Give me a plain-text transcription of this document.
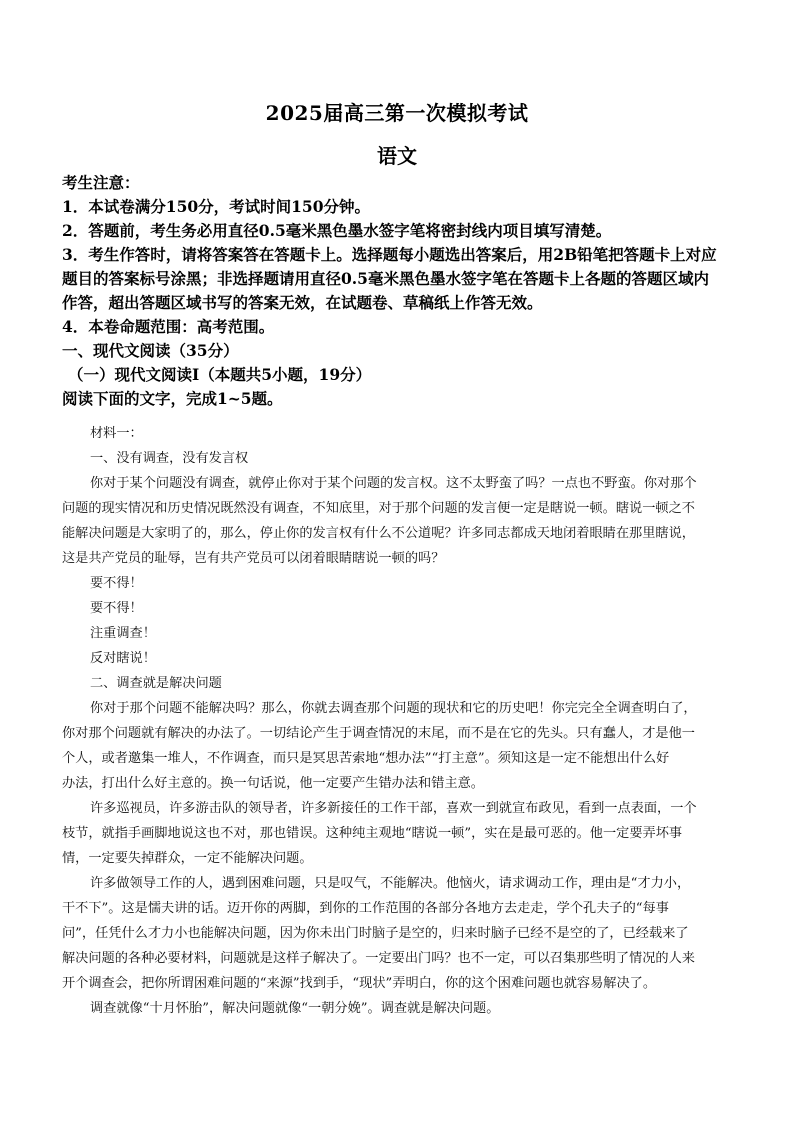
2025届高三第一次模拟考试
语文
考生注意：
1．本试卷满分150分，考试时间150分钟。
2．答题前，考生务必用直径0.5毫米黑色墨水签字笔将密封线内项目填写清楚。
3．考生作答时，请将答案答在答题卡上。选择题每小题选出答案后，用2B铅笔把答题卡上对应
题目的答案标号涂黑；非选择题请用直径0.5毫米黑色墨水签字笔在答题卡上各题的答题区域内
作答，超出答题区域书写的答案无效，在试题卷、草稿纸上作答无效。
4．本卷命题范围：高考范围。
一、现代文阅读（35分）
（一）现代文阅读I（本题共5小题，19分）
阅读下面的文字，完成1~5题。
材料一：
一、没有调查，没有发言权
你对于某个问题没有调查，就停止你对于某个问题的发言权。这不太野蛮了吗？一点也不野蛮。你对那个
问题的现实情况和历史情况既然没有调查，不知底里，对于那个问题的发言便一定是瞎说一顿。瞎说一顿之不
能解决问题是大家明了的，那么，停止你的发言权有什么不公道呢？许多同志都成天地闭着眼睛在那里瞎说，
这是共产党员的耻辱，岂有共产党员可以闭着眼睛瞎说一顿的吗？
要不得！
要不得！
注重调查！
反对瞎说！
二、调查就是解决问题
你对于那个问题不能解决吗？那么，你就去调查那个问题的现状和它的历史吧！你完完全全调查明白了，
你对那个问题就有解决的办法了。一切结论产生于调查情况的末尾，而不是在它的先头。只有蠢人，才是他一
个人，或者邀集一堆人，不作调查，而只是冥思苦索地“想办法”“打主意”。须知这是一定不能想出什么好
办法，打出什么好主意的。换一句话说，他一定要产生错办法和错主意。
许多巡视员，许多游击队的领导者，许多新接任的工作干部，喜欢一到就宣布政见，看到一点表面，一个
枝节，就指手画脚地说这也不对，那也错误。这种纯主观地“瞎说一顿”，实在是最可恶的。他一定要弄坏事
情，一定要失掉群众，一定不能解决问题。
许多做领导工作的人，遇到困难问题，只是叹气，不能解决。他恼火，请求调动工作，理由是“才力小，
干不下”。这是懦夫讲的话。迈开你的两脚，到你的工作范围的各部分各地方去走走，学个孔夫子的“每事
问”，任凭什么才力小也能解决问题，因为你未出门时脑子是空的，归来时脑子已经不是空的了，已经载来了
解决问题的各种必要材料，问题就是这样子解决了。一定要出门吗？也不一定，可以召集那些明了情况的人来
开个调查会，把你所谓困难问题的“来源”找到手，“现状”弄明白，你的这个困难问题也就容易解决了。
调查就像“十月怀胎”，解决问题就像“一朝分娩”。调查就是解决问题。
